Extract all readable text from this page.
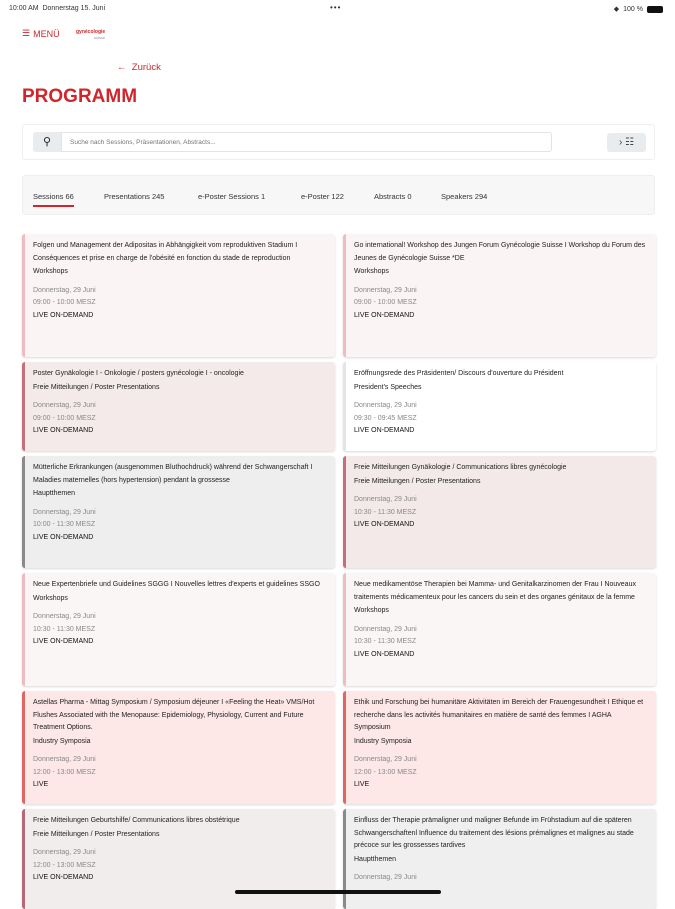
10:00 AM Donnerstag 15. Juni	•••	◆ 100 %
☰ MENÜ	gynécologie
suisse
← Zurück
PROGRAMM
⚲
Suche nach Sessions, Präsentationen, Abstracts...	› ☷
Sessions 66	Presentations 245	e-Poster Sessions 1	e-Poster 122	Abstracts 0	Speakers 294
Folgen und Management der Adipositas in Abhängigkeit vom reproduktiven Stadium I Conséquences et prise en charge de l'obésité en fonction du stade de reproduction
Workshops
Donnerstag, 29 Juni
09:00 - 10:00 MESZ
LIVE ON-DEMAND
Go international! Workshop des Jungen Forum Gynécologie Suisse I Workshop du Forum des Jeunes de Gynécologie Suisse *DE
Workshops
Donnerstag, 29 Juni
09:00 - 10:00 MESZ
LIVE ON-DEMAND
Poster Gynäkologie I - Onkologie / posters gynécologie I - oncologie
Freie Mitteilungen / Poster Presentations
Donnerstag, 29 Juni
09:00 - 10:00 MESZ
LIVE ON-DEMAND
Eröffnungsrede des Präsidenten/ Discours d'ouverture du Président
President's Speeches
Donnerstag, 29 Juni
09:30 - 09:45 MESZ
LIVE ON-DEMAND
Mütterliche Erkrankungen (ausgenommen Bluthochdruck) während der Schwangerschaft I Maladies maternelles (hors hypertension) pendant la grossesse
Hauptthemen
Donnerstag, 29 Juni
10:00 - 11:30 MESZ
LIVE ON-DEMAND
Freie Mitteilungen Gynäkologie / Communications libres gynécologie
Freie Mitteilungen / Poster Presentations
Donnerstag, 29 Juni
10:30 - 11:30 MESZ
LIVE ON-DEMAND
Neue Expertenbriefe und Guidelines SGGG I Nouvelles lettres d'experts et guidelines SSGO
Workshops
Donnerstag, 29 Juni
10:30 - 11:30 MESZ
LIVE ON-DEMAND
Neue medikamentöse Therapien bei Mamma- und Genitalkarzinomen der Frau I Nouveaux traitements médicamenteux pour les cancers du sein et des organes génitaux de la femme
Workshops
Donnerstag, 29 Juni
10:30 - 11:30 MESZ
LIVE ON-DEMAND
Astellas Pharma - Mittag Symposium / Symposium déjeuner I «Feeling the Heat» VMS/Hot Flushes Associated with the Menopause: Epidemiology, Physiology, Current and Future Treatment Options.
Industry Symposia
Donnerstag, 29 Juni
12:00 - 13:00 MESZ
LIVE
Ethik und Forschung bei humanitäre Aktivitäten im Bereich der Frauengesundheit I Ethique et recherche dans les activités humanitaires en matière de santé des femmes I AGHA Symposium
Industry Symposia
Donnerstag, 29 Juni
12:00 - 13:00 MESZ
LIVE
Freie Mitteilungen Geburtshilfe/ Communications libres obstétrique
Freie Mitteilungen / Poster Presentations
Donnerstag, 29 Juni
12:00 - 13:00 MESZ
LIVE ON-DEMAND
Einfluss der Therapie prämaligner und maligner Befunde im Frühstadium auf die späteren Schwangerschaftenl Influence du traitement des lésions prémalignes et malignes au stade précoce sur les grossesses tardives
Hauptthemen
Donnerstag, 29 Juni
